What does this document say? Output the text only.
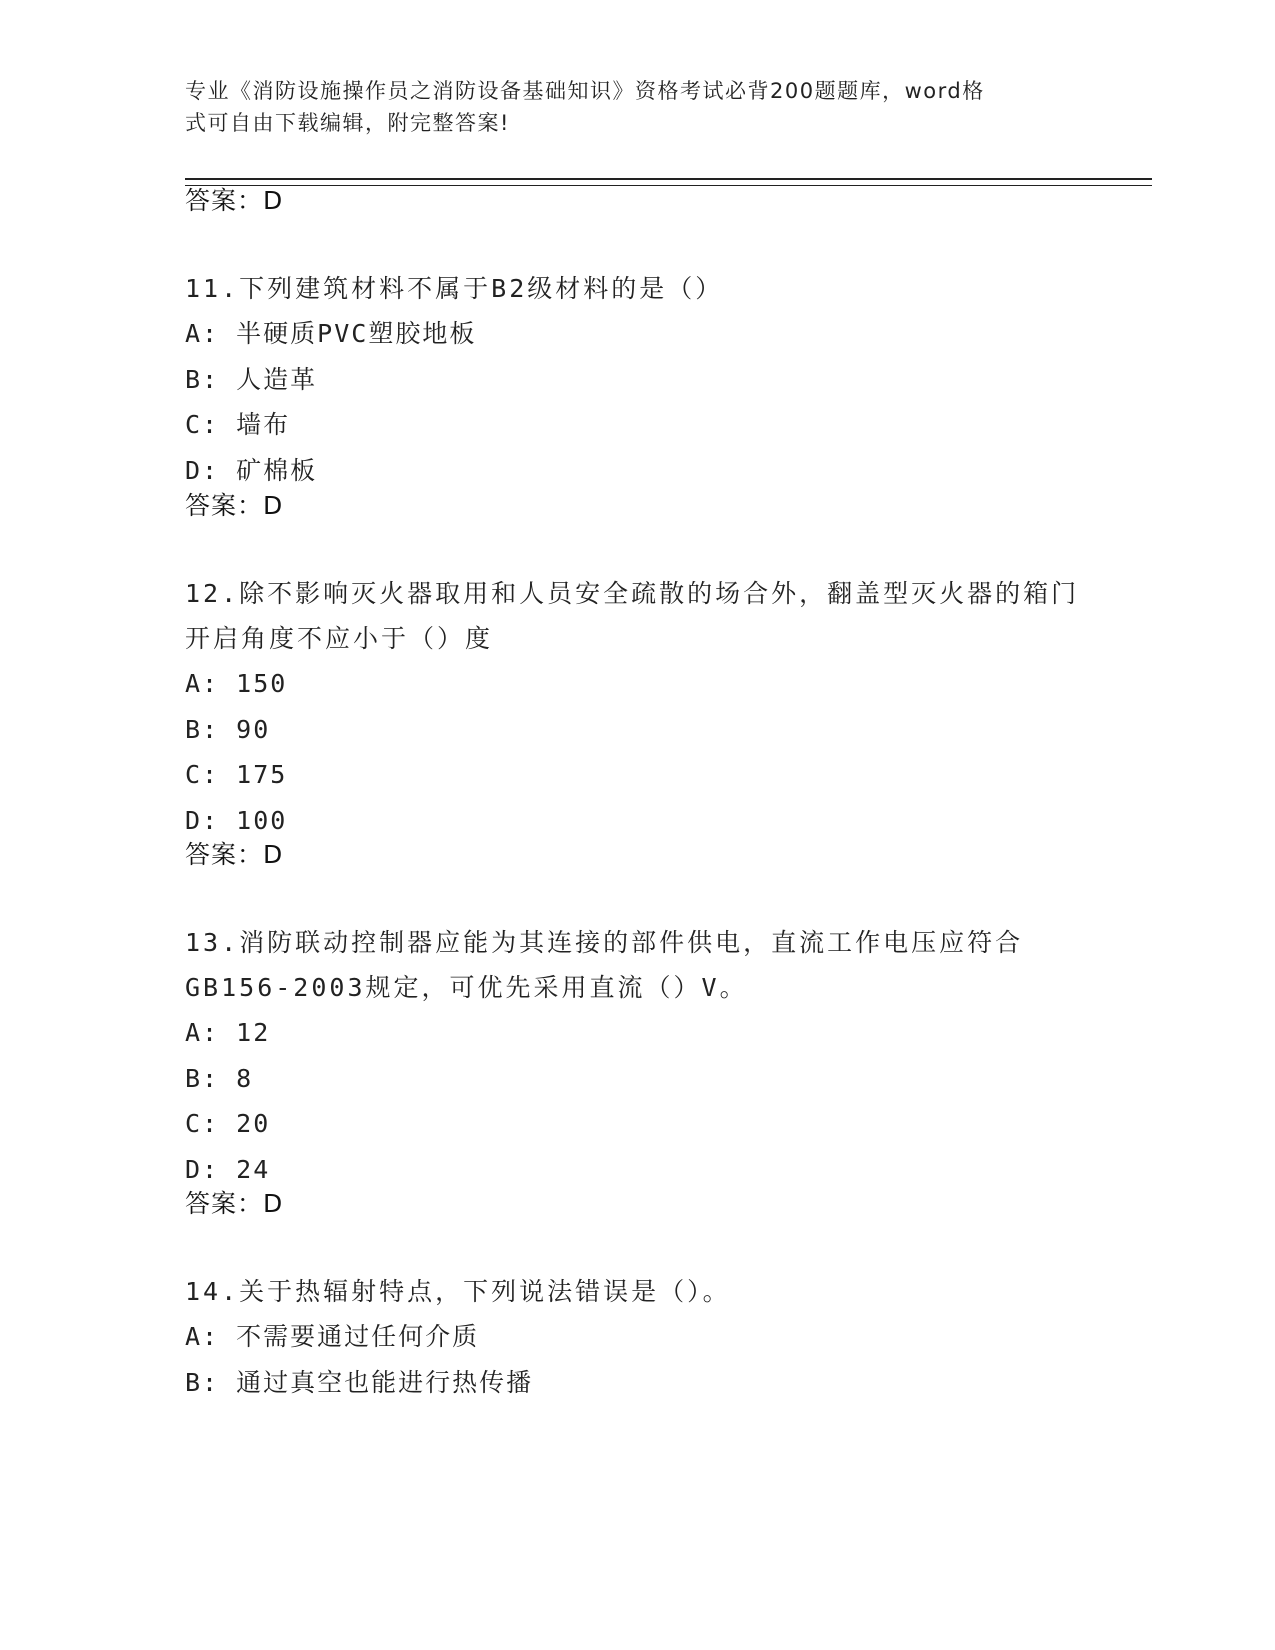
专业《消防设施操作员之消防设备基础知识》资格考试必背200题题库，word格
式可自由下载编辑，附完整答案!
答案：D
11.下列建筑材料不属于B2级材料的是（）
A: 半硬质PVC塑胶地板
B: 人造革
C: 墙布
D: 矿棉板
答案：D
12.除不影响灭火器取用和人员安全疏散的场合外，翻盖型灭火器的箱门开启角度不应小于（）度
A: 150
B: 90
C: 175
D: 100
答案：D
13.消防联动控制器应能为其连接的部件供电，直流工作电压应符合GB156-2003规定，可优先采用直流（）V。
A: 12
B: 8
C: 20
D: 24
答案：D
14.关于热辐射特点，下列说法错误是（）。
A: 不需要通过任何介质
B: 通过真空也能进行热传播
